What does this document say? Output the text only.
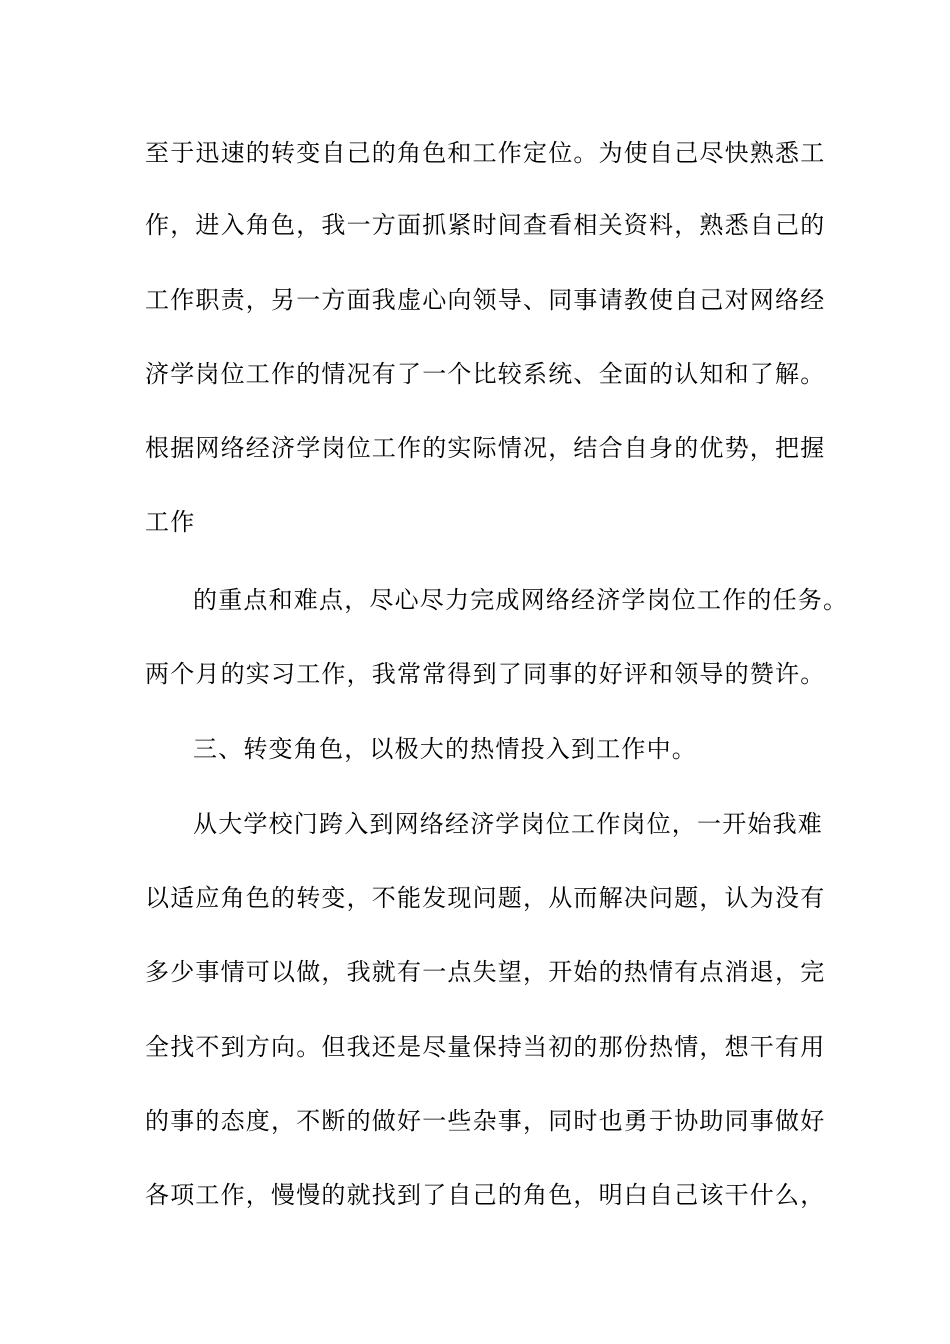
至于迅速的转变自己的角色和工作定位。为使自己尽快熟悉工
作，进入角色，我一方面抓紧时间查看相关资料，熟悉自己的
工作职责，另一方面我虚心向领导、同事请教使自己对网络经
济学岗位工作的情况有了一个比较系统、全面的认知和了解。
根据网络经济学岗位工作的实际情况，结合自身的优势，把握
工作
的重点和难点，尽心尽力完成网络经济学岗位工作的任务。
两个月的实习工作，我常常得到了同事的好评和领导的赞许。
三、转变角色，以极大的热情投入到工作中。
从大学校门跨入到网络经济学岗位工作岗位，一开始我难
以适应角色的转变，不能发现问题，从而解决问题，认为没有
多少事情可以做，我就有一点失望，开始的热情有点消退，完
全找不到方向。但我还是尽量保持当初的那份热情，想干有用
的事的态度，不断的做好一些杂事，同时也勇于协助同事做好
各项工作，慢慢的就找到了自己的角色，明白自己该干什么，
